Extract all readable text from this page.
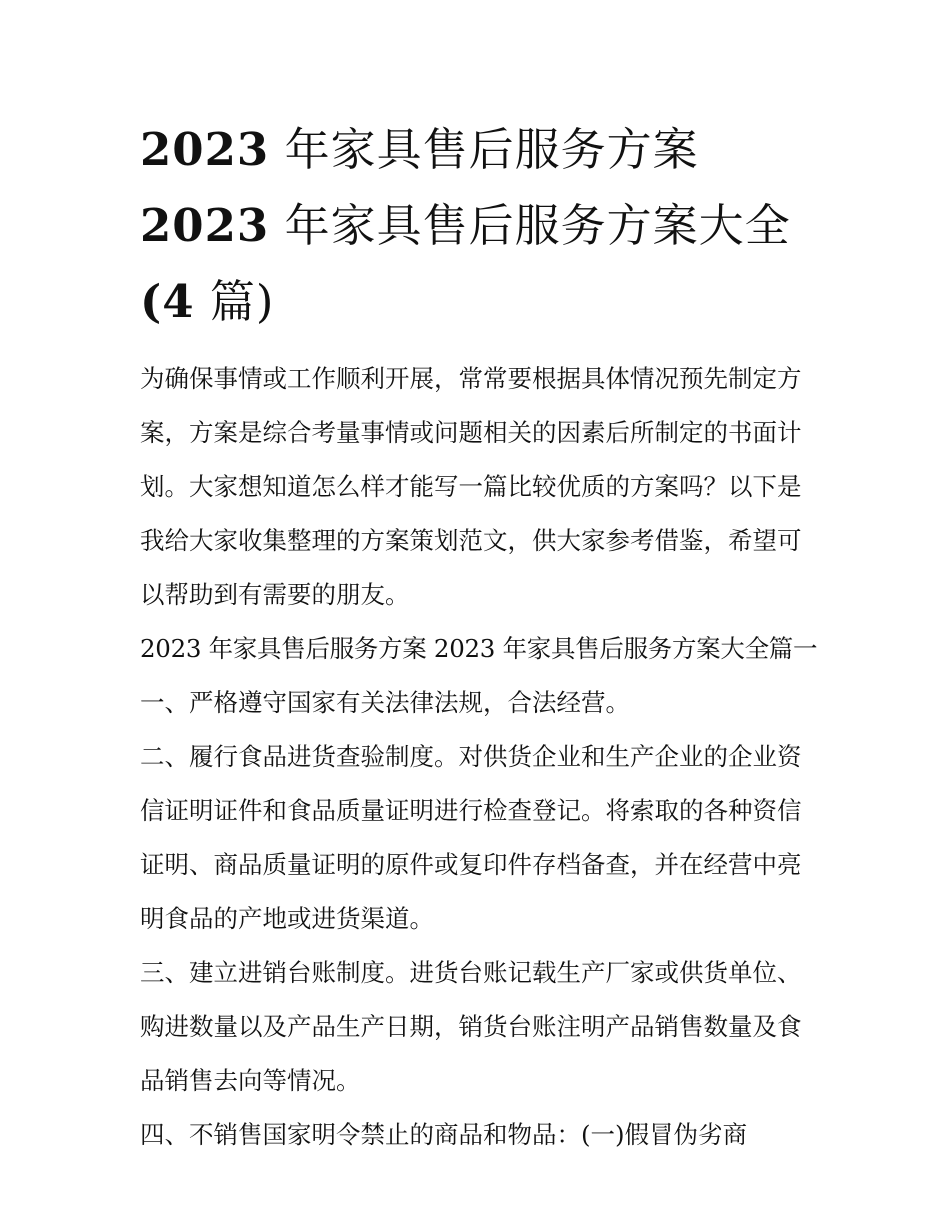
2023 年家具售后服务方案
2023 年家具售后服务方案大全
(4 篇)
为确保事情或工作顺利开展，常常要根据具体情况预先制定方
案，方案是综合考量事情或问题相关的因素后所制定的书面计
划。大家想知道怎么样才能写一篇比较优质的方案吗？以下是
我给大家收集整理的方案策划范文，供大家参考借鉴，希望可
以帮助到有需要的朋友。
2023 年家具售后服务方案 2023 年家具售后服务方案大全篇一
一、严格遵守国家有关法律法规，合法经营。
二、履行食品进货查验制度。对供货企业和生产企业的企业资
信证明证件和食品质量证明进行检查登记。将索取的各种资信
证明、商品质量证明的原件或复印件存档备查，并在经营中亮
明食品的产地或进货渠道。
三、建立进销台账制度。进货台账记载生产厂家或供货单位、
购进数量以及产品生产日期，销货台账注明产品销售数量及食
品销售去向等情况。
四、不销售国家明令禁止的商品和物品：(一)假冒伪劣商
